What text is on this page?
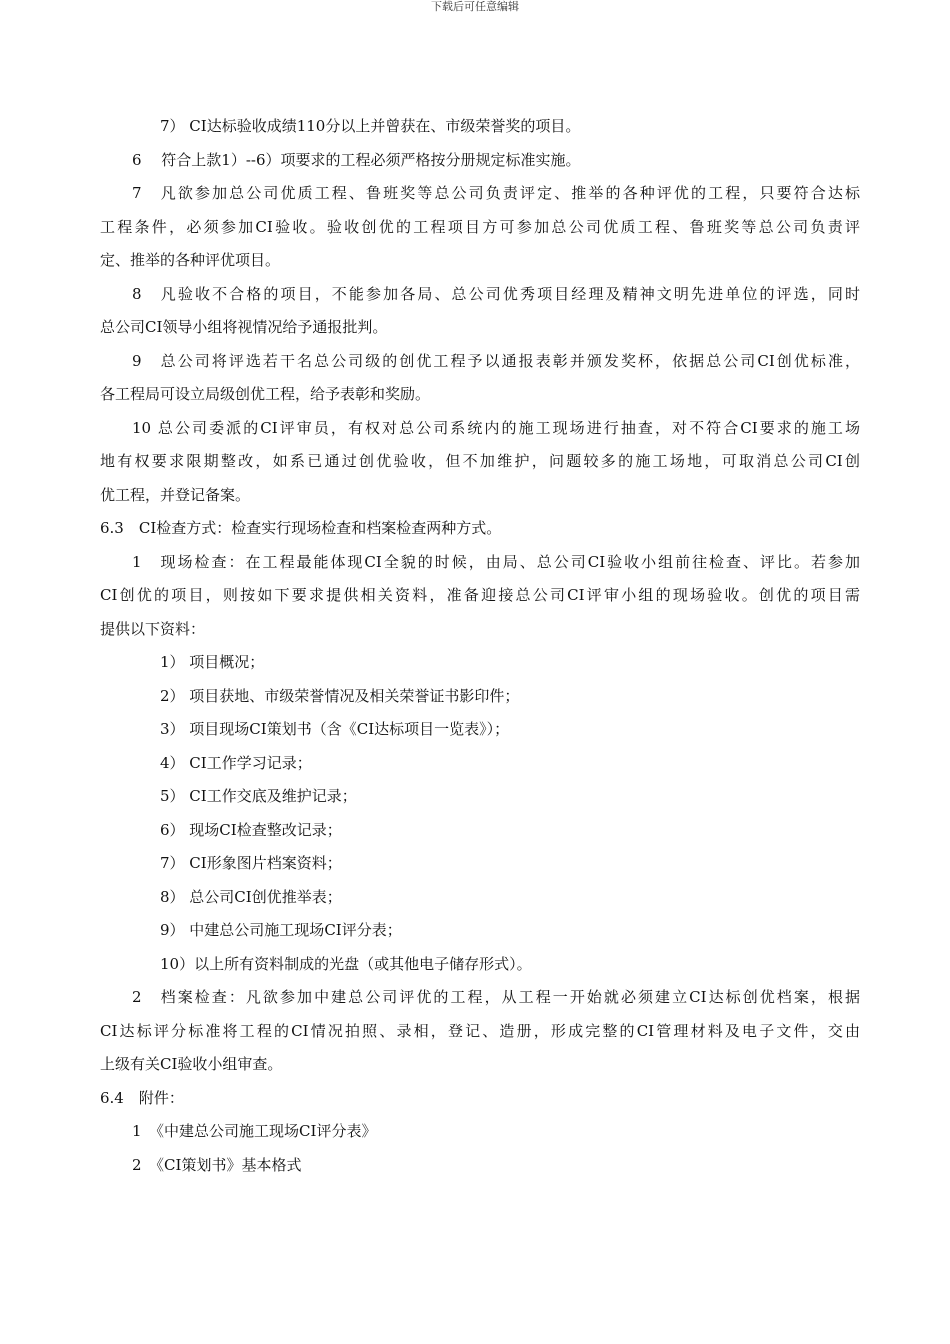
下载后可任意编辑
7） CI达标验收成绩110分以上并曾获在、市级荣誉奖的项目。
6　 符合上款1）--6）项要求的工程必须严格按分册规定标准实施。
7　凡欲参加总公司优质工程、鲁班奖等总公司负责评定、推举的各种评优的工程，只要符合达标
工程条件，必须参加CI验收。验收创优的工程项目方可参加总公司优质工程、鲁班奖等总公司负责评
定、推举的各种评优项目。
8　凡验收不合格的项目，不能参加各局、总公司优秀项目经理及精神文明先进单位的评选，同时
总公司CI领导小组将视情况给予通报批判。
9　总公司将评选若干名总公司级的创优工程予以通报表彰并颁发奖杯，依据总公司CI创优标准，
各工程局可设立局级创优工程，给予表彰和奖励。
10 总公司委派的CI评审员，有权对总公司系统内的施工现场进行抽查，对不符合CI要求的施工场
地有权要求限期整改，如系已通过创优验收，但不加维护，问题较多的施工场地，可取消总公司CI创
优工程，并登记备案。
6.3　CI检查方式：检查实行现场检查和档案检查两种方式。
1　现场检查：在工程最能体现CI全貌的时候，由局、总公司CI验收小组前往检查、评比。若参加
CI创优的项目，则按如下要求提供相关资料，准备迎接总公司CI评审小组的现场验收。创优的项目需
提供以下资料：
1） 项目概况；
2） 项目获地、市级荣誉情况及相关荣誉证书影印件；
3） 项目现场CI策划书（含《CI达标项目一览表》）；
4） CI工作学习记录；
5） CI工作交底及维护记录；
6） 现场CI检查整改记录；
7） CI形象图片档案资料；
8） 总公司CI创优推举表；
9） 中建总公司施工现场CI评分表；
10）以上所有资料制成的光盘（或其他电子储存形式）。
2　档案检查：凡欲参加中建总公司评优的工程，从工程一开始就必须建立CI达标创优档案，根据
CI达标评分标准将工程的CI情况拍照、录相，登记、造册，形成完整的CI管理材料及电子文件，交由
上级有关CI验收小组审查。
6.4　附件：
1　《中建总公司施工现场CI评分表》
2　《CI策划书》基本格式
